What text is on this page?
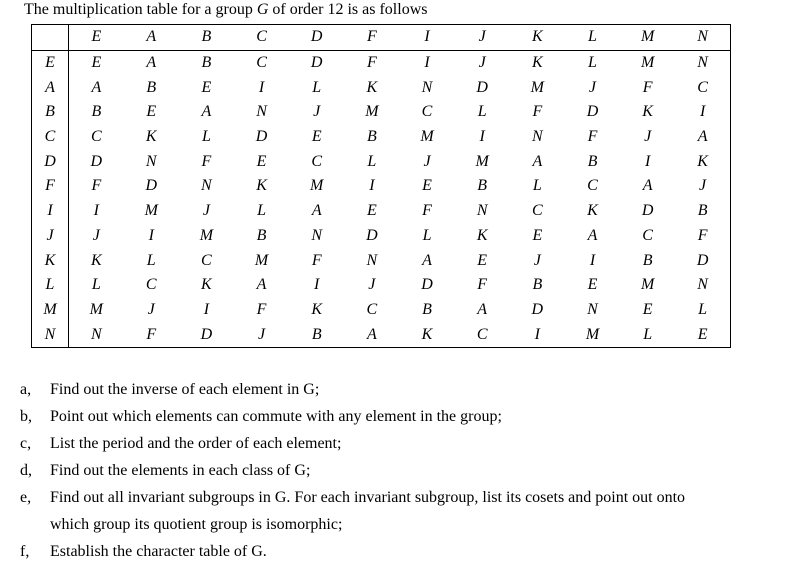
The multiplication table for a group G of order 12 is as follows
	E	A	B	C	D	F	I	J	K	L	M	N
E	E	A	B	C	D	F	I	J	K	L	M	N
A	A	B	E	I	L	K	N	D	M	J	F	C
B	B	E	A	N	J	M	C	L	F	D	K	I
C	C	K	L	D	E	B	M	I	N	F	J	A
D	D	N	F	E	C	L	J	M	A	B	I	K
F	F	D	N	K	M	I	E	B	L	C	A	J
I	I	M	J	L	A	E	F	N	C	K	D	B
J	J	I	M	B	N	D	L	K	E	A	C	F
K	K	L	C	M	F	N	A	E	J	I	B	D
L	L	C	K	A	I	J	D	F	B	E	M	N
M	M	J	I	F	K	C	B	A	D	N	E	L
N	N	F	D	J	B	A	K	C	I	M	L	E
a, Find out the inverse of each element in G;
b, Point out which elements can commute with any element in the group;
c, List the period and the order of each element;
d, Find out the elements in each class of G;
e, Find out all invariant subgroups in G. For each invariant subgroup, list its cosets and point out onto
which group its quotient group is isomorphic;
f, Establish the character table of G.
